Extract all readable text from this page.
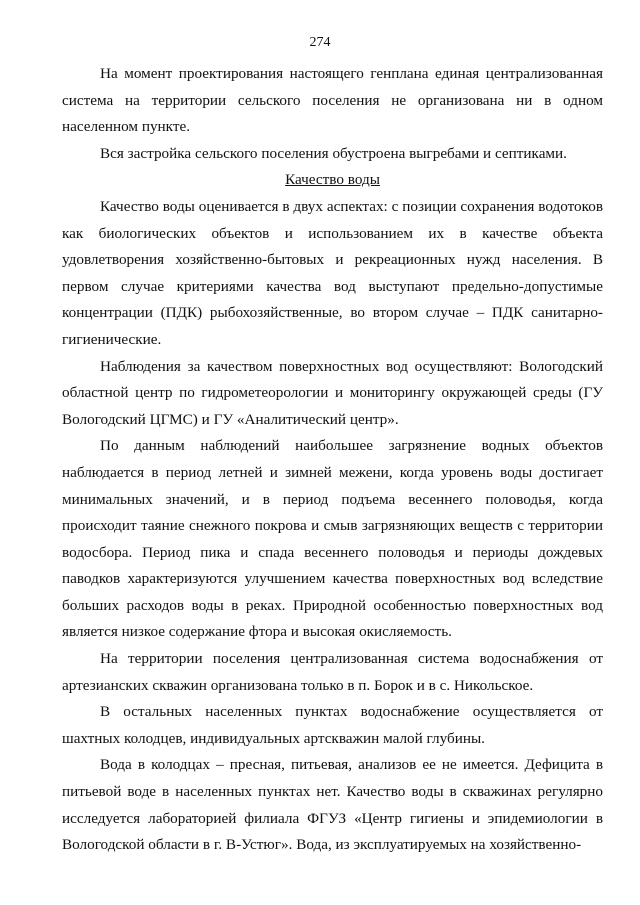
274

На момент проектирования настоящего генплана единая централизованная система на территории сельского поселения не организована ни в одном населенном пункте.

Вся застройка сельского поселения обустроена выгребами и септиками.

Качество воды

Качество воды оценивается в двух аспектах: с позиции сохранения водотоков как биологических объектов и использованием их в качестве объекта удовлетворения хозяйственно-бытовых и рекреационных нужд населения. В первом случае критериями качества вод выступают предельно-допустимые концентрации (ПДК) рыбохозяйственные, во втором случае – ПДК санитарно-гигиенические.

Наблюдения за качеством поверхностных вод осуществляют: Вологодский областной центр по гидрометеорологии и мониторингу окружающей среды (ГУ Вологодский ЦГМС) и ГУ «Аналитический центр».

По данным наблюдений наибольшее загрязнение водных объектов наблюдается в период летней и зимней межени, когда уровень воды достигает минимальных значений, и в период подъема весеннего половодья, когда происходит таяние снежного покрова и смыв загрязняющих веществ с территории водосбора. Период пика и спада весеннего половодья и периоды дождевых паводков характеризуются улучшением качества поверхностных вод вследствие больших расходов воды в реках. Природной особенностью поверхностных вод является низкое содержание фтора и высокая окисляемость.

На территории поселения централизованная система водоснабжения от артезианских скважин организована только в п. Борок и в с. Никольское.

В остальных населенных пунктах водоснабжение осуществляется от шахтных колодцев, индивидуальных артскважин малой глубины.

Вода в колодцах – пресная, питьевая, анализов ее не имеется. Дефицита в питьевой воде в населенных пунктах нет. Качество воды в скважинах регулярно исследуется лабораторией филиала ФГУЗ «Центр гигиены и эпидемиологии в Вологодской области в г. В-Устюг». Вода, из эксплуатируемых на хозяйственно-
